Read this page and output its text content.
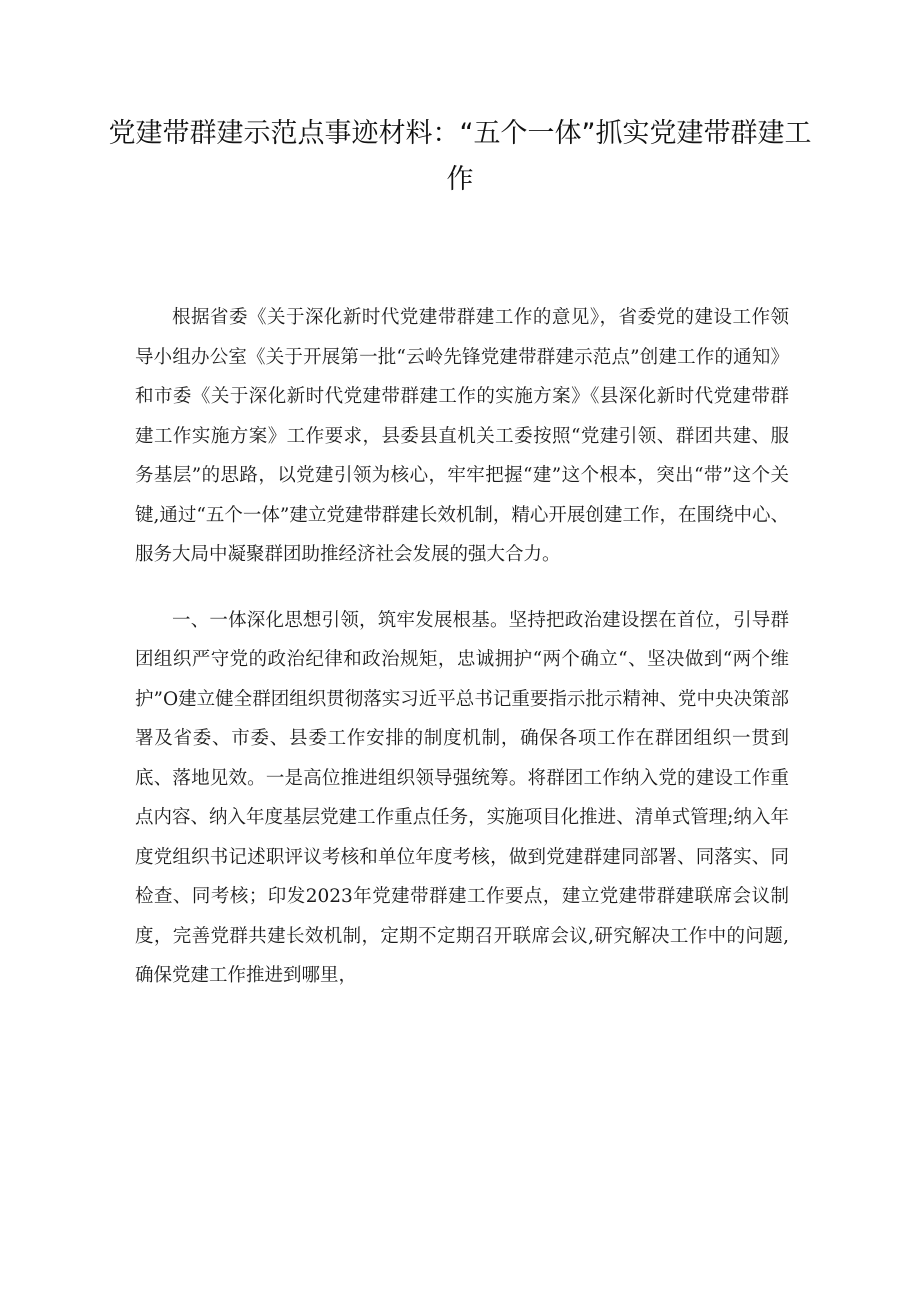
党建带群建示范点事迹材料：“五个一体”抓实党建带群建工作

根据省委《关于深化新时代党建带群建工作的意见》，省委党的建设工作领导小组办公室《关于开展第一批“云岭先锋党建带群建示范点”创建工作的通知》和市委《关于深化新时代党建带群建工作的实施方案》《县深化新时代党建带群建工作实施方案》工作要求，县委县直机关工委按照“党建引领、群团共建、服务基层”的思路，以党建引领为核心，牢牢把握“建”这个根本，突出“带”这个关键,通过“五个一体”建立党建带群建长效机制，精心开展创建工作，在围绕中心、服务大局中凝聚群团助推经济社会发展的强大合力。

一、一体深化思想引领，筑牢发展根基。坚持把政治建设摆在首位，引导群团组织严守党的政治纪律和政治规矩，忠诚拥护“两个确立“、坚决做到“两个维护”O建立健全群团组织贯彻落实习近平总书记重要指示批示精神、党中央决策部署及省委、市委、县委工作安排的制度机制，确保各项工作在群团组织一贯到底、落地见效。一是高位推进组织领导强统筹。将群团工作纳入党的建设工作重点内容、纳入年度基层党建工作重点任务，实施项目化推进、清单式管理;纳入年度党组织书记述职评议考核和单位年度考核，做到党建群建同部署、同落实、同检查、同考核；印发2023年党建带群建工作要点，建立党建带群建联席会议制度，完善党群共建长效机制，定期不定期召开联席会议,研究解决工作中的问题,确保党建工作推进到哪里，
